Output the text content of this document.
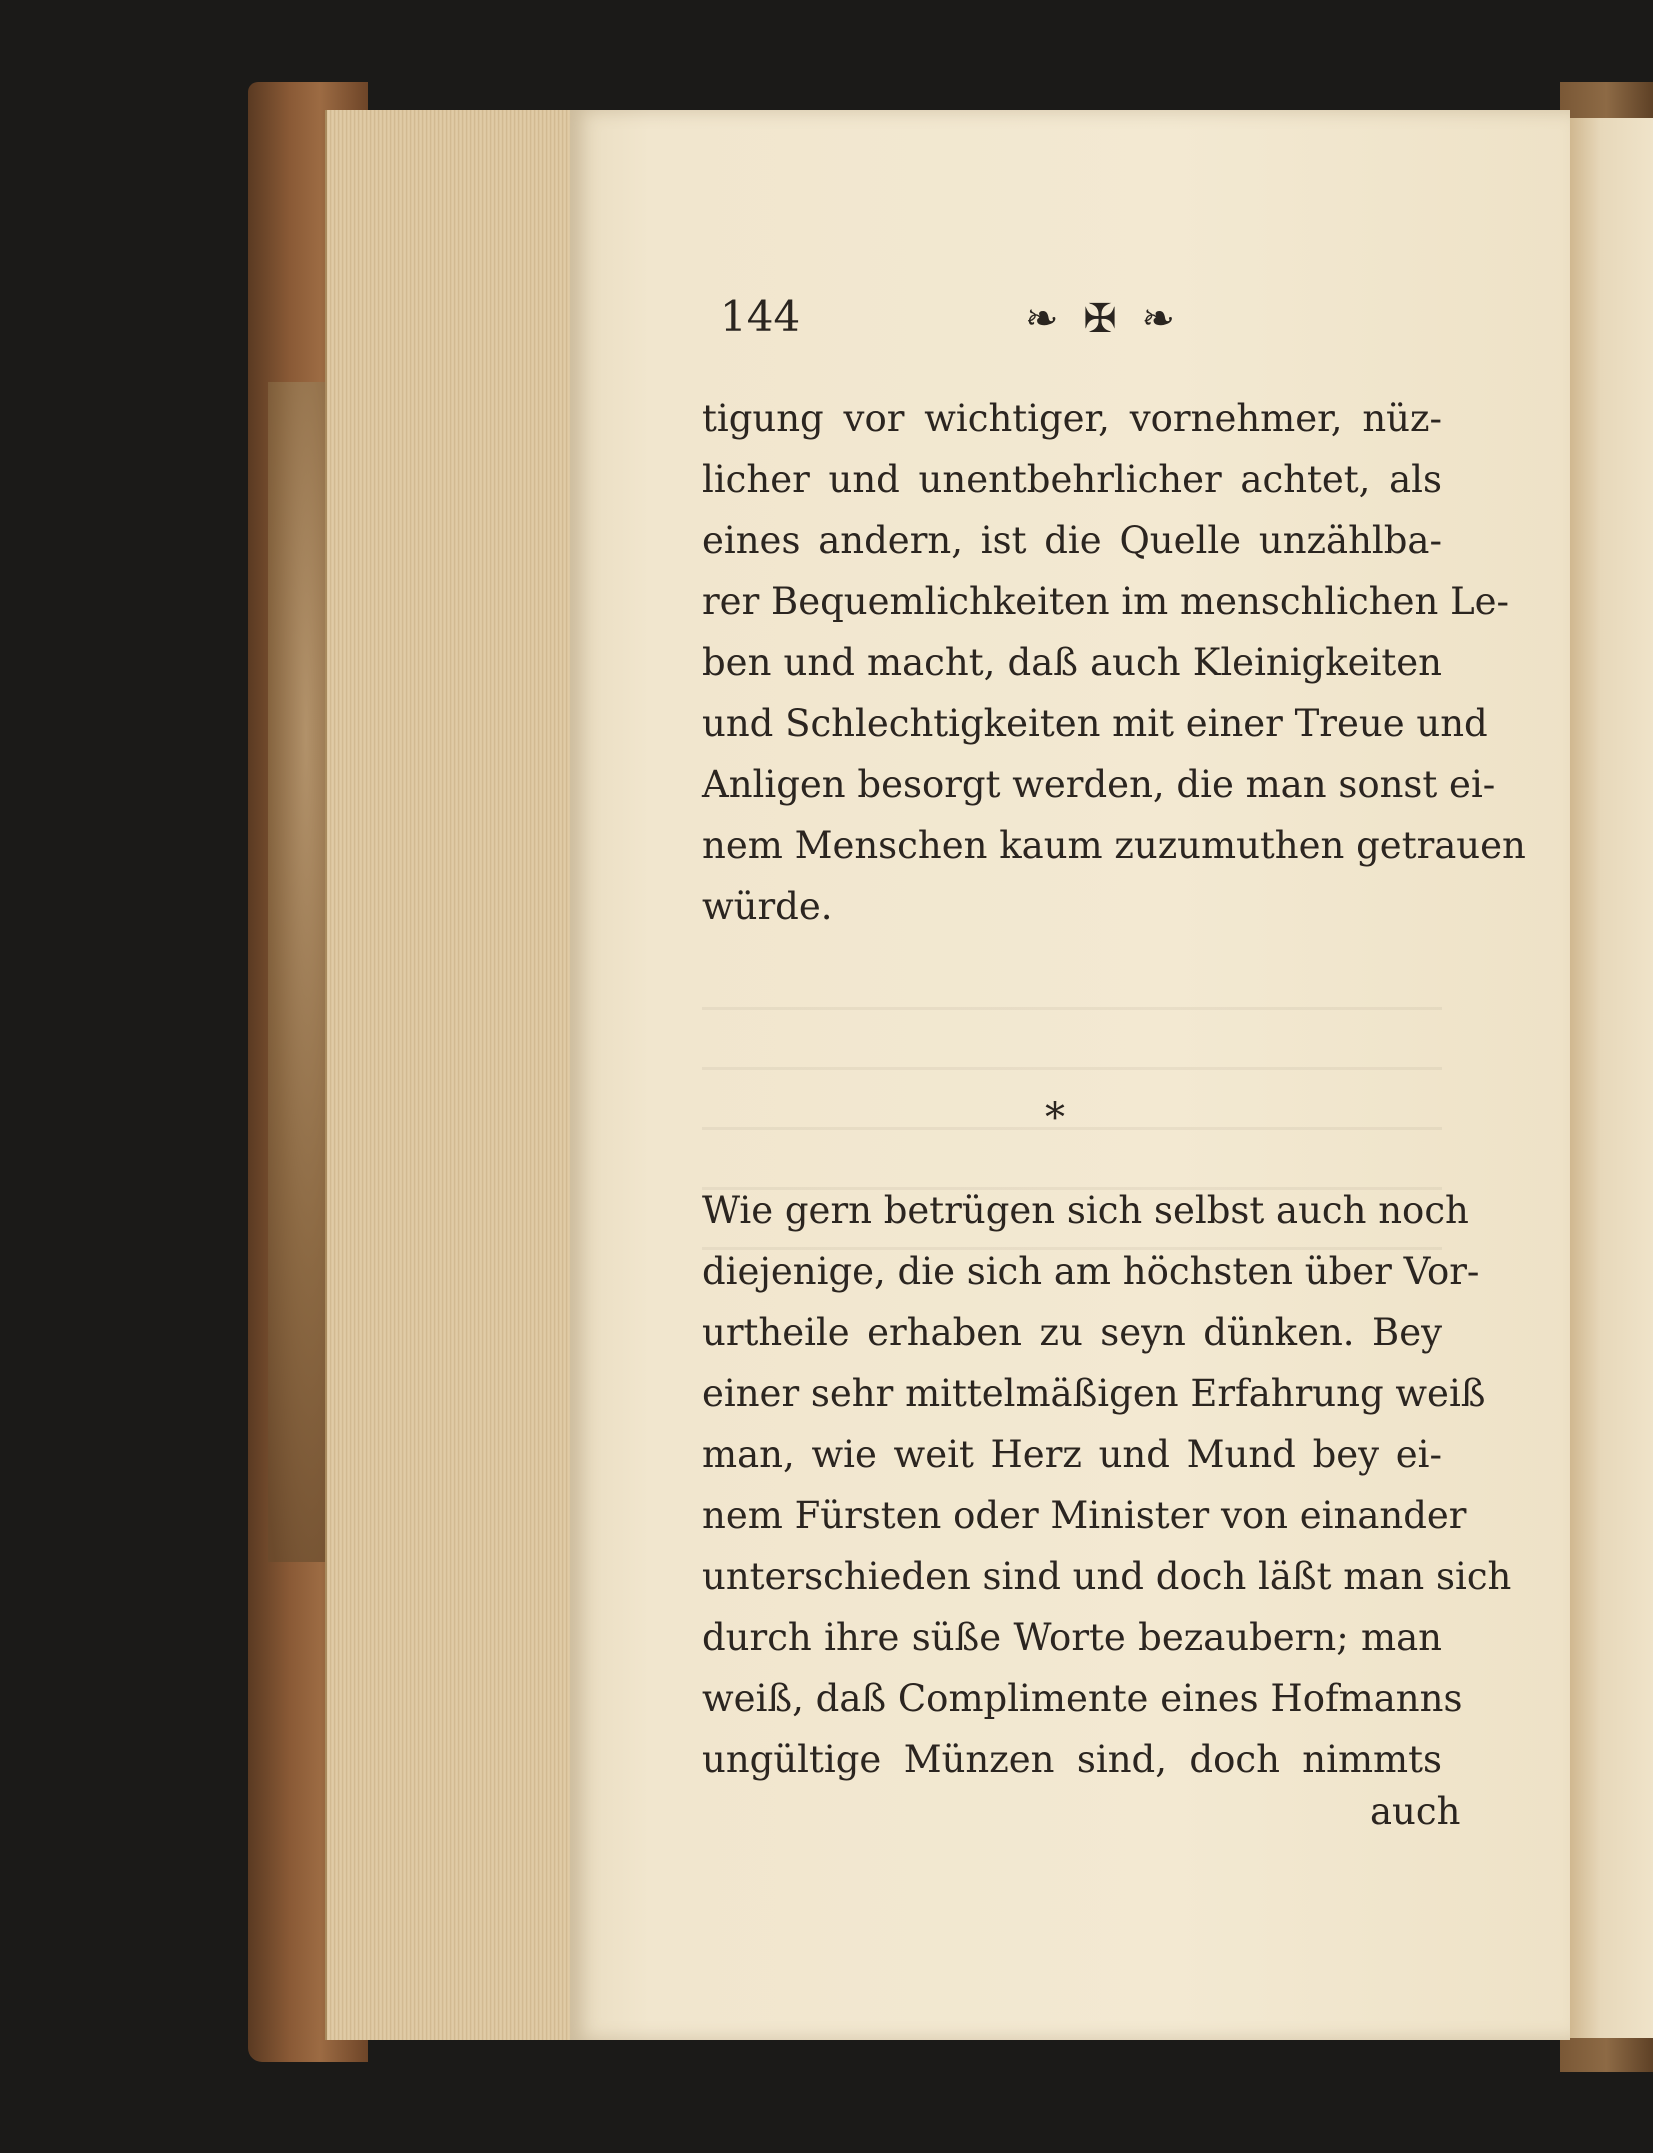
144	❧ ✠ ❧
tigung vor wichtiger, vornehmer, nüz-
licher und unentbehrlicher achtet, als
eines andern, ist die Quelle unzählba-
rer Bequemlichkeiten im menschlichen Le-
ben und macht, daß auch Kleinigkeiten
und Schlechtigkeiten mit einer Treue und
Anligen besorgt werden, die man sonst ei-
nem Menschen kaum zuzumuthen getrauen
würde.
*
Wie gern betrügen sich selbst auch noch
diejenige, die sich am höchsten über Vor-
urtheile erhaben zu seyn dünken. Bey
einer sehr mittelmäßigen Erfahrung weiß
man, wie weit Herz und Mund bey ei-
nem Fürsten oder Minister von einander
unterschieden sind und doch läßt man sich
durch ihre süße Worte bezaubern; man
weiß, daß Complimente eines Hofmanns
ungültige Münzen sind, doch nimmts
auch
